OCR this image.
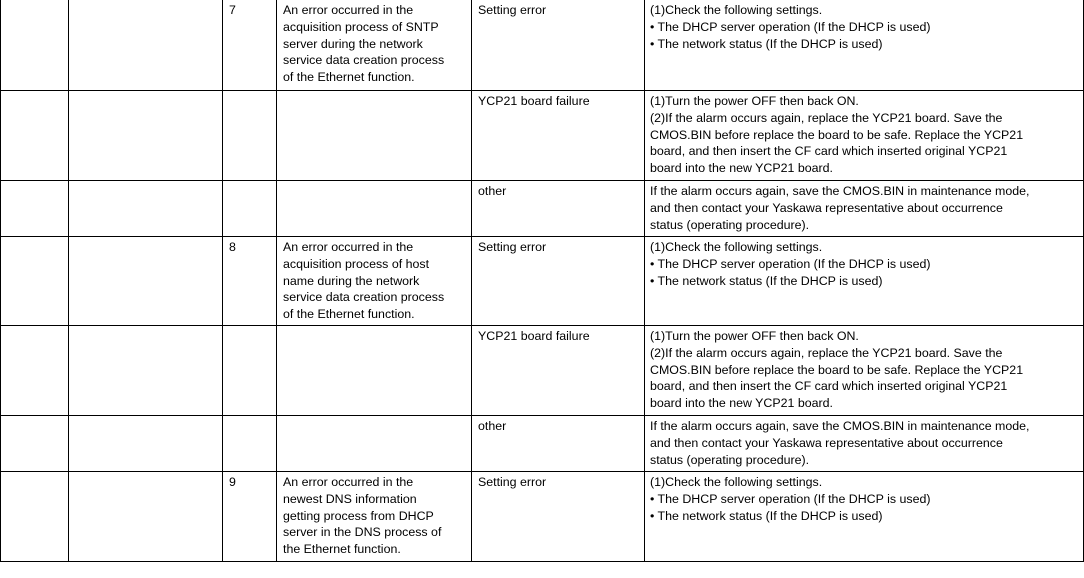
		7	An error occurred in the
acquisition process of SNTP
server during the network
service data creation process
of the Ethernet function.	Setting error	(1)Check the following settings.
• The DHCP server operation (If the DHCP is used)
• The network status (If the DHCP is used)
				YCP21 board failure	(1)Turn the power OFF then back ON.
(2)If the alarm occurs again, replace the YCP21 board. Save the
CMOS.BIN before replace the board to be safe. Replace the YCP21
board, and then insert the CF card which inserted original YCP21
board into the new YCP21 board.
				other	If the alarm occurs again, save the CMOS.BIN in maintenance mode,
and then contact your Yaskawa representative about occurrence
status (operating procedure).
		8	An error occurred in the
acquisition process of host
name during the network
service data creation process
of the Ethernet function.	Setting error	(1)Check the following settings.
• The DHCP server operation (If the DHCP is used)
• The network status (If the DHCP is used)
				YCP21 board failure	(1)Turn the power OFF then back ON.
(2)If the alarm occurs again, replace the YCP21 board. Save the
CMOS.BIN before replace the board to be safe. Replace the YCP21
board, and then insert the CF card which inserted original YCP21
board into the new YCP21 board.
				other	If the alarm occurs again, save the CMOS.BIN in maintenance mode,
and then contact your Yaskawa representative about occurrence
status (operating procedure).
		9	An error occurred in the
newest DNS information
getting process from DHCP
server in the DNS process of
the Ethernet function.	Setting error	(1)Check the following settings.
• The DHCP server operation (If the DHCP is used)
• The network status (If the DHCP is used)
